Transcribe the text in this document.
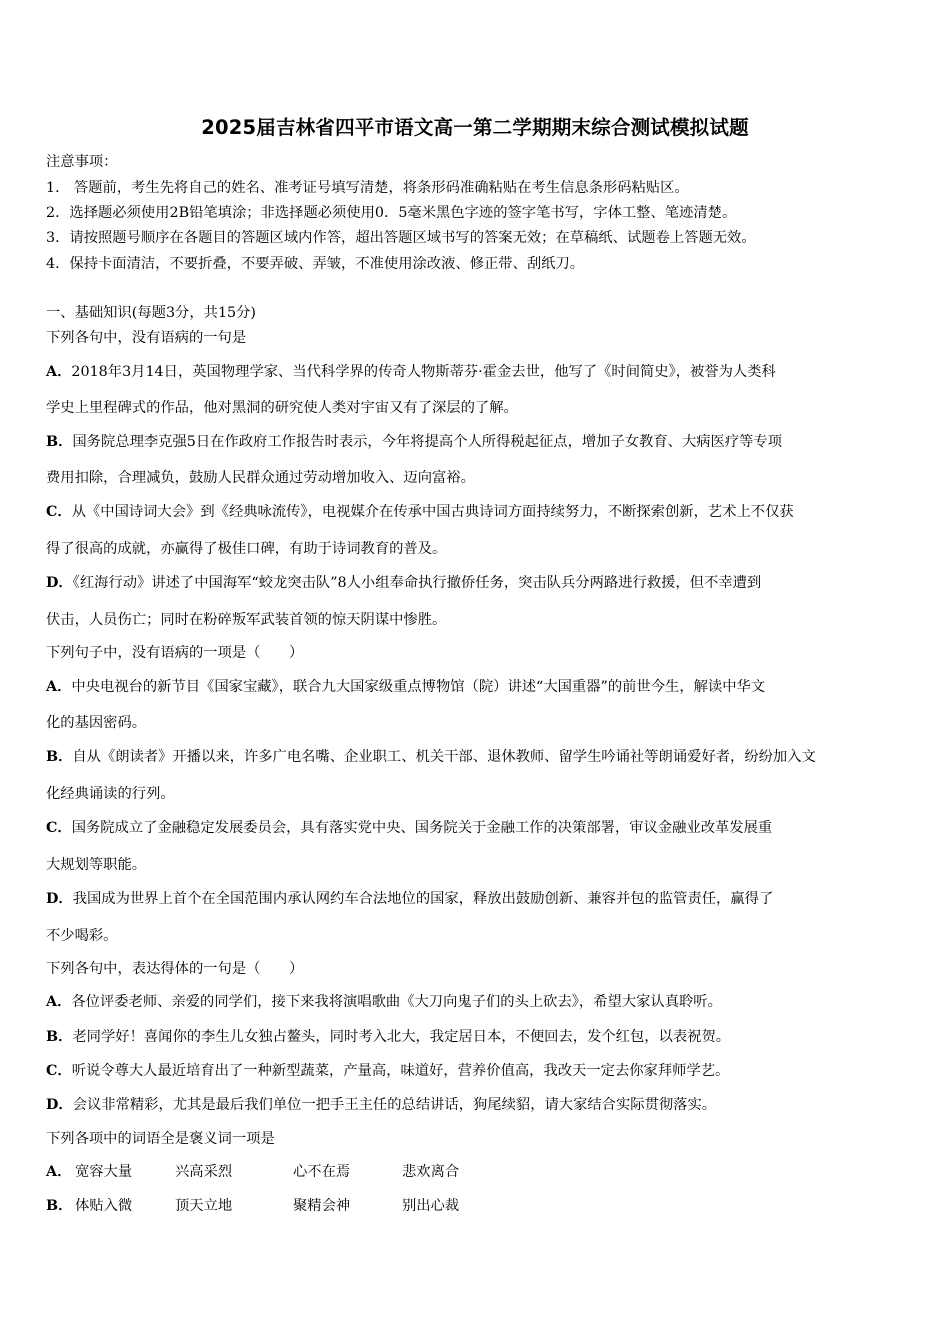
2025届吉林省四平市语文高一第二学期期末综合测试模拟试题
注意事项：
1． 答题前，考生先将自己的姓名、准考证号填写清楚，将条形码准确粘贴在考生信息条形码粘贴区。
2．选择题必须使用2B铅笔填涂；非选择题必须使用0．5毫米黑色字迹的签字笔书写，字体工整、笔迹清楚。
3．请按照题号顺序在各题目的答题区域内作答，超出答题区域书写的答案无效；在草稿纸、试题卷上答题无效。
4．保持卡面清洁，不要折叠，不要弄破、弄皱，不准使用涂改液、修正带、刮纸刀。
一、基础知识(每题3分，共15分)
下列各句中，没有语病的一句是
A．2018年3月14日，英国物理学家、当代科学界的传奇人物斯蒂芬·霍金去世，他写了《时间简史》，被誉为人类科
学史上里程碑式的作品，他对黑洞的研究使人类对宇宙又有了深层的了解。
B．国务院总理李克强5日在作政府工作报告时表示，今年将提高个人所得税起征点，增加子女教育、大病医疗等专项
费用扣除，合理减负，鼓励人民群众通过劳动增加收入、迈向富裕。
C．从《中国诗词大会》到《经典咏流传》，电视媒介在传承中国古典诗词方面持续努力，不断探索创新，艺术上不仅获
得了很高的成就，亦赢得了极佳口碑，有助于诗词教育的普及。
D．《红海行动》讲述了中国海军“蛟龙突击队”8人小组奉命执行撤侨任务，突击队兵分两路进行救援，但不幸遭到
伏击，人员伤亡；同时在粉碎叛军武装首领的惊天阴谋中惨胜。
下列句子中，没有语病的一项是（　　）
A．中央电视台的新节目《国家宝藏》，联合九大国家级重点博物馆（院）讲述“大国重器”的前世今生，解读中华文
化的基因密码。
B．自从《朗读者》开播以来，许多广电名嘴、企业职工、机关干部、退休教师、留学生吟诵社等朗诵爱好者，纷纷加入文
化经典诵读的行列。
C．国务院成立了金融稳定发展委员会，具有落实党中央、国务院关于金融工作的决策部署，审议金融业改革发展重
大规划等职能。
D．我国成为世界上首个在全国范围内承认网约车合法地位的国家，释放出鼓励创新、兼容并包的监管责任，赢得了
不少喝彩。
下列各句中，表达得体的一句是（　　）
A．各位评委老师、亲爱的同学们，接下来我将演唱歌曲《大刀向鬼子们的头上砍去》，希望大家认真聆听。
B．老同学好！喜闻你的李生儿女独占鳌头，同时考入北大，我定居日本，不便回去，发个红包，以表祝贺。
C．听说令尊大人最近培育出了一种新型蔬菜，产量高，味道好，营养价值高，我改天一定去你家拜师学艺。
D．会议非常精彩，尤其是最后我们单位一把手王主任的总结讲话，狗尾续貂，请大家结合实际贯彻落实。
下列各项中的词语全是褒义词一项是
A． 宽容大量	兴高采烈	心不在焉	悲欢离合
B． 体贴入微	顶天立地	聚精会神	别出心裁
